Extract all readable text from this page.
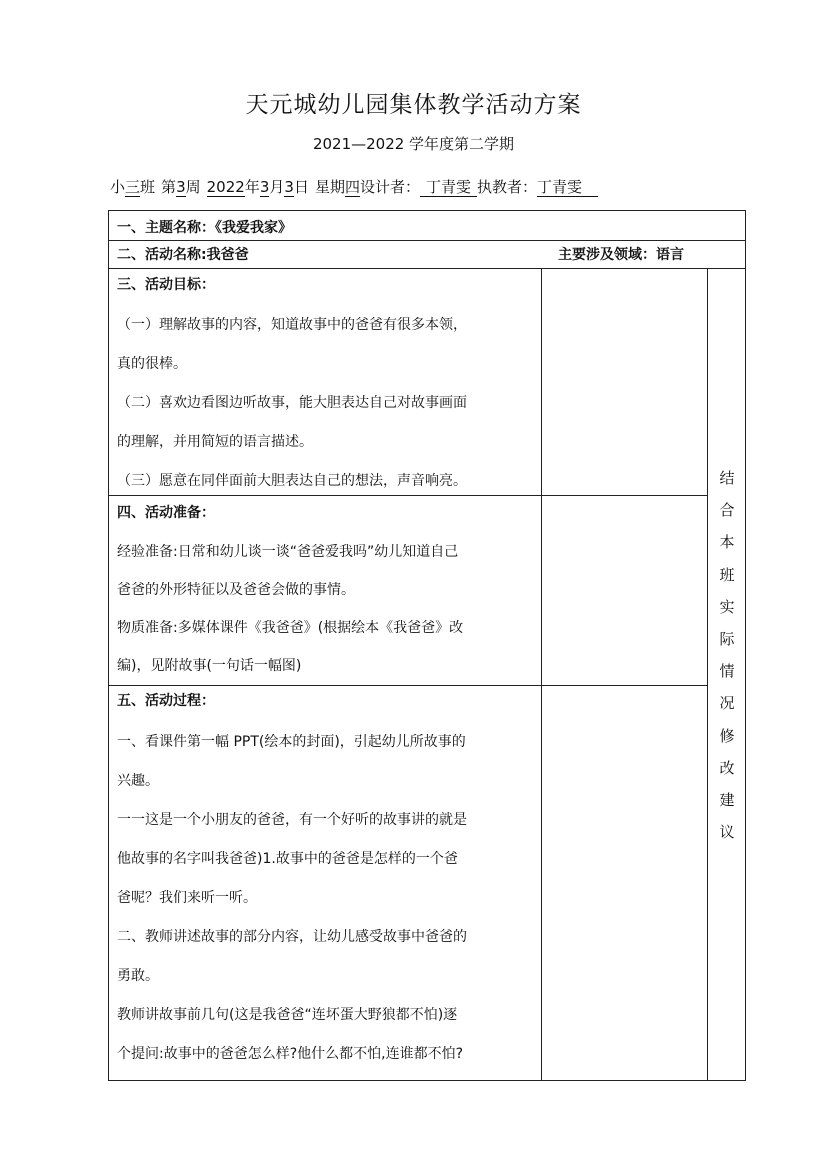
天元城幼儿园集体教学活动方案
2021—2022 学年度第二学期
小三班 第3周 2022年3月3日 星期四设计者： 丁青雯 执教者：丁青雯
一、主题名称：《我爱我家》
二、活动名称:我爸爸	主要涉及领域：语言
三、活动目标：

（一）理解故事的内容，知道故事中的爸爸有很多本领，

真的很棒。

（二）喜欢边看图边听故事，能大胆表达自己对故事画面

的理解，并用简短的语言描述。

（三）愿意在同伴面前大胆表达自己的想法，声音响亮。

四、活动准备：

经验准备:日常和幼儿谈一谈“爸爸爱我吗”幼儿知道自己

爸爸的外形特征以及爸爸会做的事情。

物质准备:多媒体课件《我爸爸》(根据绘本《我爸爸》改

编)，见附故事(一句话一幅图)

五、活动过程：

一、看课件第一幅 PPT(绘本的封面)，引起幼儿所故事的

兴趣。

一一这是一个小朋友的爸爸，有一个好听的故事讲的就是

他故事的名字叫我爸爸)1.故事中的爸爸是怎样的一个爸

爸呢？我们来听一听。

二、教师讲述故事的部分内容，让幼儿感受故事中爸爸的

勇敢。

教师讲故事前几句(这是我爸爸“连坏蛋大野狼都不怕)逐

个提问:故事中的爸爸怎么样?他什么都不怕,连谁都不怕?

结
合
本
班
实
际
情
况
修
改
建
议
